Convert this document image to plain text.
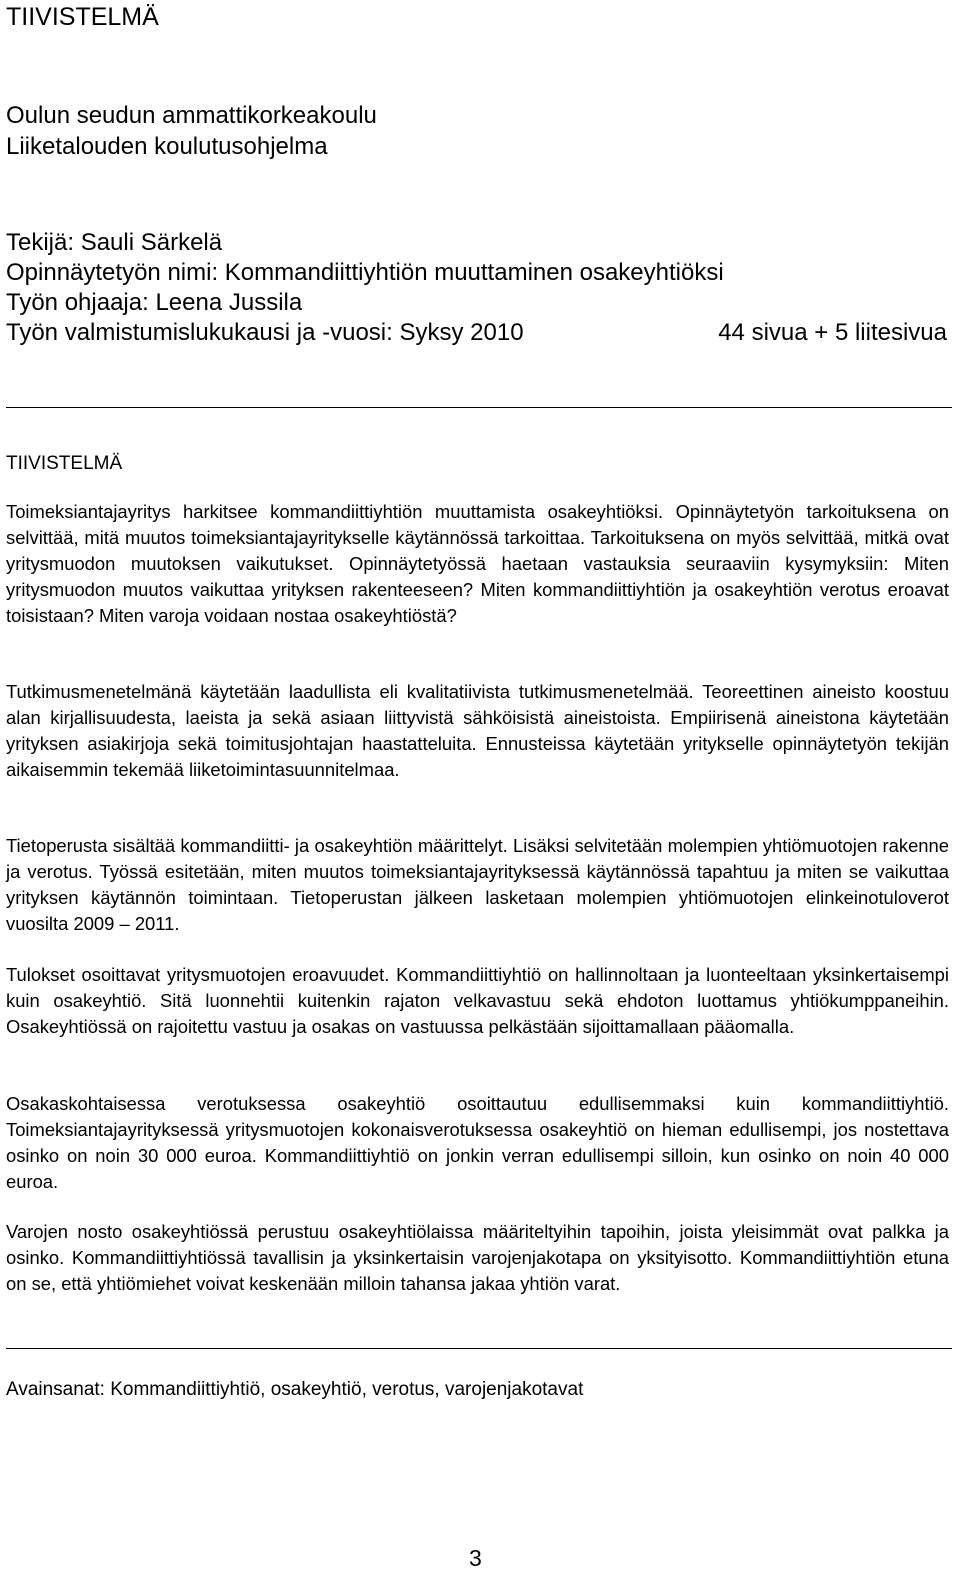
TIIVISTELMÄ
Oulun seudun ammattikorkeakoulu
Liiketalouden koulutusohjelma
Tekijä: Sauli Särkelä
Opinnäytetyön nimi: Kommandiittiyhtiön muuttaminen osakeyhtiöksi
Työn ohjaaja: Leena Jussila
Työn valmistumislukukausi ja -vuosi: Syksy 2010	44 sivua + 5 liitesivua
TIIVISTELMÄ

Toimeksiantajayritys harkitsee kommandiittiyhtiön muuttamista osakeyhtiöksi. Opinnäytetyön tarkoituksena on selvittää, mitä muutos toimeksiantajayritykselle käytännössä tarkoittaa. Tarkoituksena on myös selvittää, mitkä ovat yritysmuodon muutoksen vaikutukset. Opinnäytetyössä haetaan vastauksia seuraaviin kysymyksiin: Miten yritysmuodon muutos vaikuttaa yrityksen rakenteeseen? Miten kommandiittiyhtiön ja osakeyhtiön verotus eroavat toisistaan? Miten varoja voidaan nostaa osakeyhtiöstä?

Tutkimusmenetelmänä käytetään laadullista eli kvalitatiivista tutkimusmenetelmää. Teoreettinen aineisto koostuu alan kirjallisuudesta, laeista ja sekä asiaan liittyvistä sähköisistä aineistoista. Empiirisenä aineistona käytetään yrityksen asiakirjoja sekä toimitusjohtajan haastatteluita. Ennusteissa käytetään yritykselle opinnäytetyön tekijän aikaisemmin tekemää liiketoimintasuunnitelmaa.

Tietoperusta sisältää kommandiitti- ja osakeyhtiön määrittelyt. Lisäksi selvitetään molempien yhtiömuotojen rakenne ja verotus. Työssä esitetään, miten muutos toimeksiantajayrityksessä käytännössä tapahtuu ja miten se vaikuttaa yrityksen käytännön toimintaan. Tietoperustan jälkeen lasketaan molempien yhtiömuotojen elinkeinotuloverot vuosilta 2009 – 2011.

Tulokset osoittavat yritysmuotojen eroavuudet. Kommandiittiyhtiö on hallinnoltaan ja luonteeltaan yksinkertaisempi kuin osakeyhtiö. Sitä luonnehtii kuitenkin rajaton velkavastuu sekä ehdoton luottamus yhtiökumppaneihin. Osakeyhtiössä on rajoitettu vastuu ja osakas on vastuussa pelkästään sijoittamallaan pääomalla.

Osakaskohtaisessa verotuksessa osakeyhtiö osoittautuu edullisemmaksi kuin kommandiittiyhtiö. Toimeksiantajayrityksessä yritysmuotojen kokonaisverotuksessa osakeyhtiö on hieman edullisempi, jos nostettava osinko on noin 30 000 euroa. Kommandiittiyhtiö on jonkin verran edullisempi silloin, kun osinko on noin 40 000 euroa.

Varojen nosto osakeyhtiössä perustuu osakeyhtiölaissa määriteltyihin tapoihin, joista yleisimmät ovat palkka ja osinko. Kommandiittiyhtiössä tavallisin ja yksinkertaisin varojenjakotapa on yksityisotto. Kommandiittiyhtiön etuna on se, että yhtiömiehet voivat keskenään milloin tahansa jakaa yhtiön varat.

Avainsanat: Kommandiittiyhtiö, osakeyhtiö, verotus, varojenjakotavat
3
